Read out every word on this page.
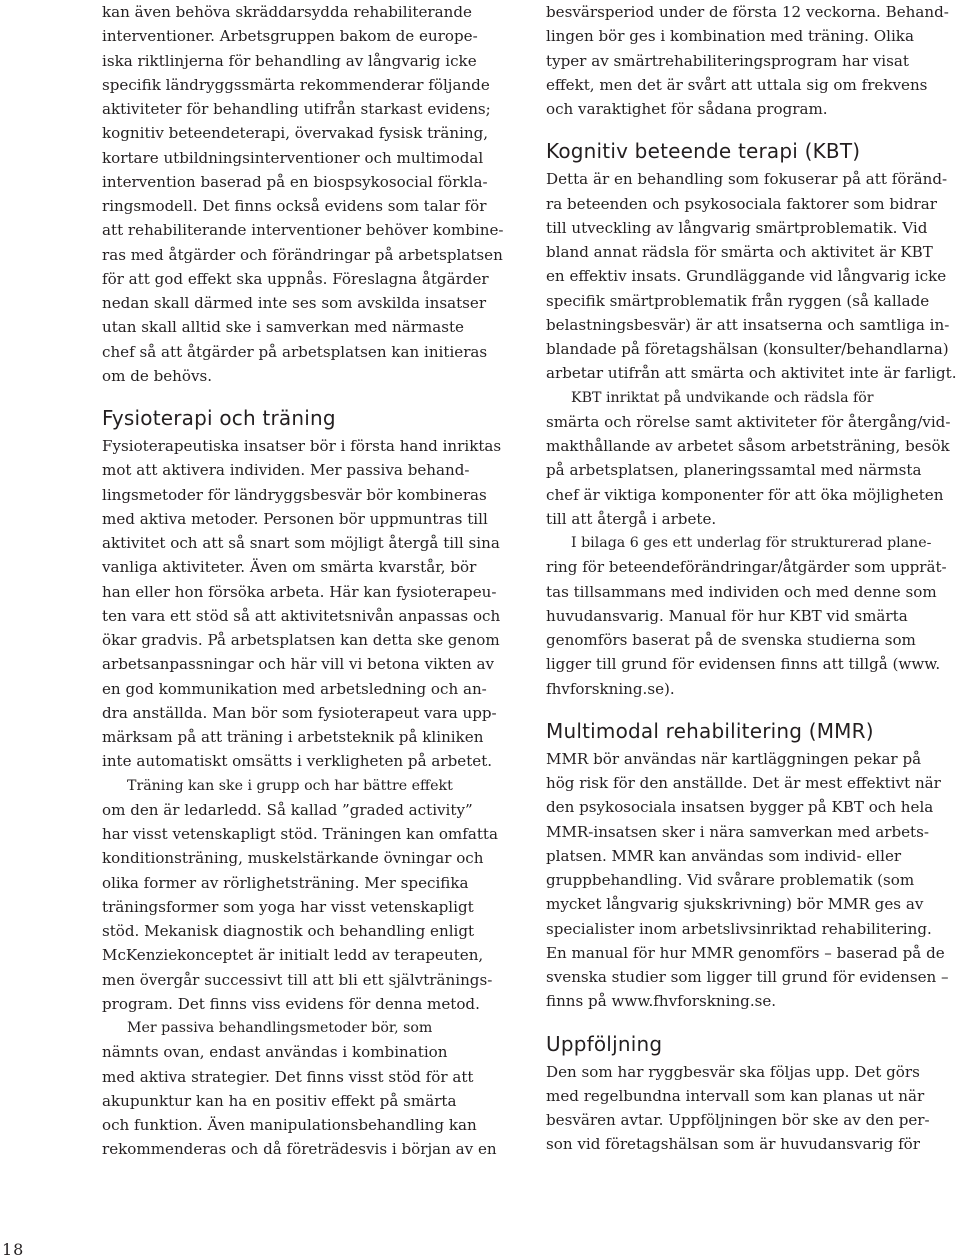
kan även behöva skräddarsydda rehabiliterande
interventioner. Arbetsgruppen bakom de europe-
iska riktlinjerna för behandling av långvarig icke
specifik ländryggssmärta rekommenderar följande
aktiviteter för behandling utifrån starkast evidens;
kognitiv beteendeterapi, övervakad fysisk träning,
kortare utbildningsinterventioner och multimodal
intervention baserad på en biospsykosocial förkla-
ringsmodell. Det finns också evidens som talar för
att rehabiliterande interventioner behöver kombine-
ras med åtgärder och förändringar på arbetsplatsen
för att god effekt ska uppnås. Föreslagna åtgärder
nedan skall därmed inte ses som avskilda insatser
utan skall alltid ske i samverkan med närmaste
chef så att åtgärder på arbetsplatsen kan initieras
om de behövs.
Fysioterapi och träning
Fysioterapeutiska insatser bör i första hand inriktas
mot att aktivera individen. Mer passiva behand-
lingsmetoder för ländryggsbesvär bör kombineras
med aktiva metoder. Personen bör uppmuntras till
aktivitet och att så snart som möjligt återgå till sina
vanliga aktiviteter. Även om smärta kvarstår, bör
han eller hon försöka arbeta. Här kan fysioterapeu-
ten vara ett stöd så att aktivitetsnivån anpassas och
ökar gradvis. På arbetsplatsen kan detta ske genom
arbetsanpassningar och här vill vi betona vikten av
en god kommunikation med arbetsledning och an-
dra anställda. Man bör som fysioterapeut vara upp-
märksam på att träning i arbetsteknik på kliniken
inte automatiskt omsätts i verkligheten på arbetet.
Träning kan ske i grupp och har bättre effekt
om den är ledarledd. Så kallad ”graded activity”
har visst vetenskapligt stöd. Träningen kan omfatta
konditionsträning, muskelstärkande övningar och
olika former av rörlighetsträning. Mer specifika
träningsformer som yoga har visst vetenskapligt
stöd. Mekanisk diagnostik och behandling enligt
McKenziekonceptet är initialt ledd av terapeuten,
men övergår successivt till att bli ett självtränings-
program. Det finns viss evidens för denna metod.
Mer passiva behandlingsmetoder bör, som
nämnts ovan, endast användas i kombination
med aktiva strategier. Det finns visst stöd för att
akupunktur kan ha en positiv effekt på smärta
och funktion. Även manipulationsbehandling kan
rekommenderas och då företrädesvis i början av en
besvärsperiod under de första 12 veckorna. Behand-
lingen bör ges i kombination med träning. Olika
typer av smärtrehabiliteringsprogram har visat
effekt, men det är svårt att uttala sig om frekvens
och varaktighet för sådana program.
Kognitiv beteende terapi (KBT)
Detta är en behandling som fokuserar på att föränd-
ra beteenden och psykosociala faktorer som bidrar
till utveckling av långvarig smärtproblematik. Vid
bland annat rädsla för smärta och aktivitet är KBT
en effektiv insats. Grundläggande vid långvarig icke
specifik smärtproblematik från ryggen (så kallade
belastningsbesvär) är att insatserna och samtliga in-
blandade på företagshälsan (konsulter/behandlarna)
arbetar utifrån att smärta och aktivitet inte är farligt.
KBT inriktat på undvikande och rädsla för
smärta och rörelse samt aktiviteter för återgång/vid-
makthållande av arbetet såsom arbetsträning, besök
på arbetsplatsen, planeringssamtal med närmsta
chef är viktiga komponenter för att öka möjligheten
till att återgå i arbete.
I bilaga 6 ges ett underlag för strukturerad plane-
ring för beteendeförändringar/åtgärder som upprät-
tas tillsammans med individen och med denne som
huvudansvarig. Manual för hur KBT vid smärta
genomförs baserat på de svenska studierna som
ligger till grund för evidensen finns att tillgå (www.
fhvforskning.se).
Multimodal rehabilitering (MMR)
MMR bör användas när kartläggningen pekar på
hög risk för den anställde. Det är mest effektivt när
den psykosociala insatsen bygger på KBT och hela
MMR-insatsen sker i nära samverkan med arbets-
platsen. MMR kan användas som individ- eller
gruppbehandling. Vid svårare problematik (som
mycket långvarig sjukskrivning) bör MMR ges av
specialister inom arbetslivsinriktad rehabilitering.
En manual för hur MMR genomförs – baserad på de
svenska studier som ligger till grund för evidensen –
finns på www.fhvforskning.se.
Uppföljning
Den som har ryggbesvär ska följas upp. Det görs
med regelbundna intervall som kan planas ut när
besvären avtar. Uppföljningen bör ske av den per-
son vid företagshälsan som är huvudansvarig för
18
